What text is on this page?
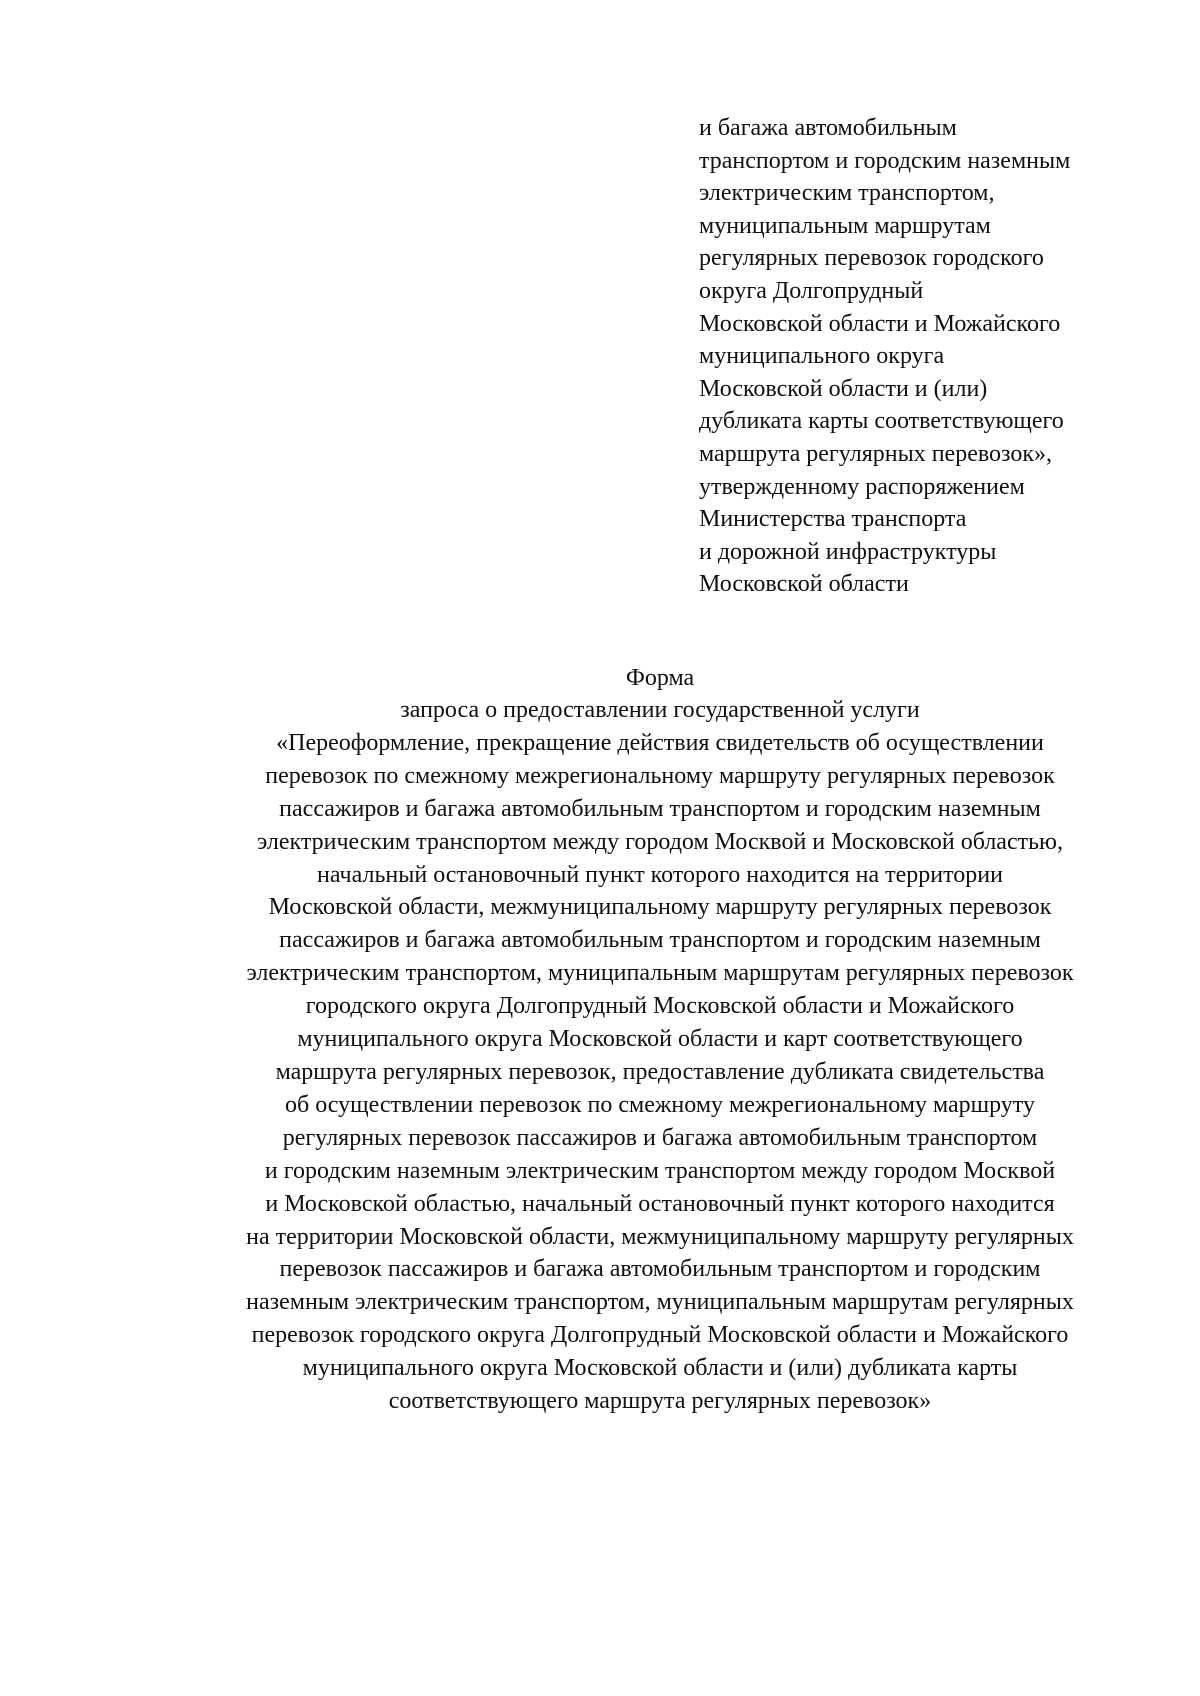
и багажа автомобильным
транспортом и городским наземным
электрическим транспортом,
муниципальным маршрутам
регулярных перевозок городского
округа Долгопрудный
Московской области и Можайского
муниципального округа
Московской области и (или)
дубликата карты соответствующего
маршрута регулярных перевозок»,
утвержденному распоряжением
Министерства транспорта
и дорожной инфраструктуры
Московской области
Форма
запроса о предоставлении государственной услуги
«Переоформление, прекращение действия свидетельств об осуществлении
перевозок по смежному межрегиональному маршруту регулярных перевозок
пассажиров и багажа автомобильным транспортом и городским наземным
электрическим транспортом между городом Москвой и Московской областью,
начальный остановочный пункт которого находится на территории
Московской области, межмуниципальному маршруту регулярных перевозок
пассажиров и багажа автомобильным транспортом и городским наземным
электрическим транспортом, муниципальным маршрутам регулярных перевозок
городского округа Долгопрудный Московской области и Можайского
муниципального округа Московской области и карт соответствующего
маршрута регулярных перевозок, предоставление дубликата свидетельства
об осуществлении перевозок по смежному межрегиональному маршруту
регулярных перевозок пассажиров и багажа автомобильным транспортом
и городским наземным электрическим транспортом между городом Москвой
и Московской областью, начальный остановочный пункт которого находится
на территории Московской области, межмуниципальному маршруту регулярных
перевозок пассажиров и багажа автомобильным транспортом и городским
наземным электрическим транспортом, муниципальным маршрутам регулярных
перевозок городского округа Долгопрудный Московской области и Можайского
муниципального округа Московской области и (или) дубликата карты
соответствующего маршрута регулярных перевозок»
